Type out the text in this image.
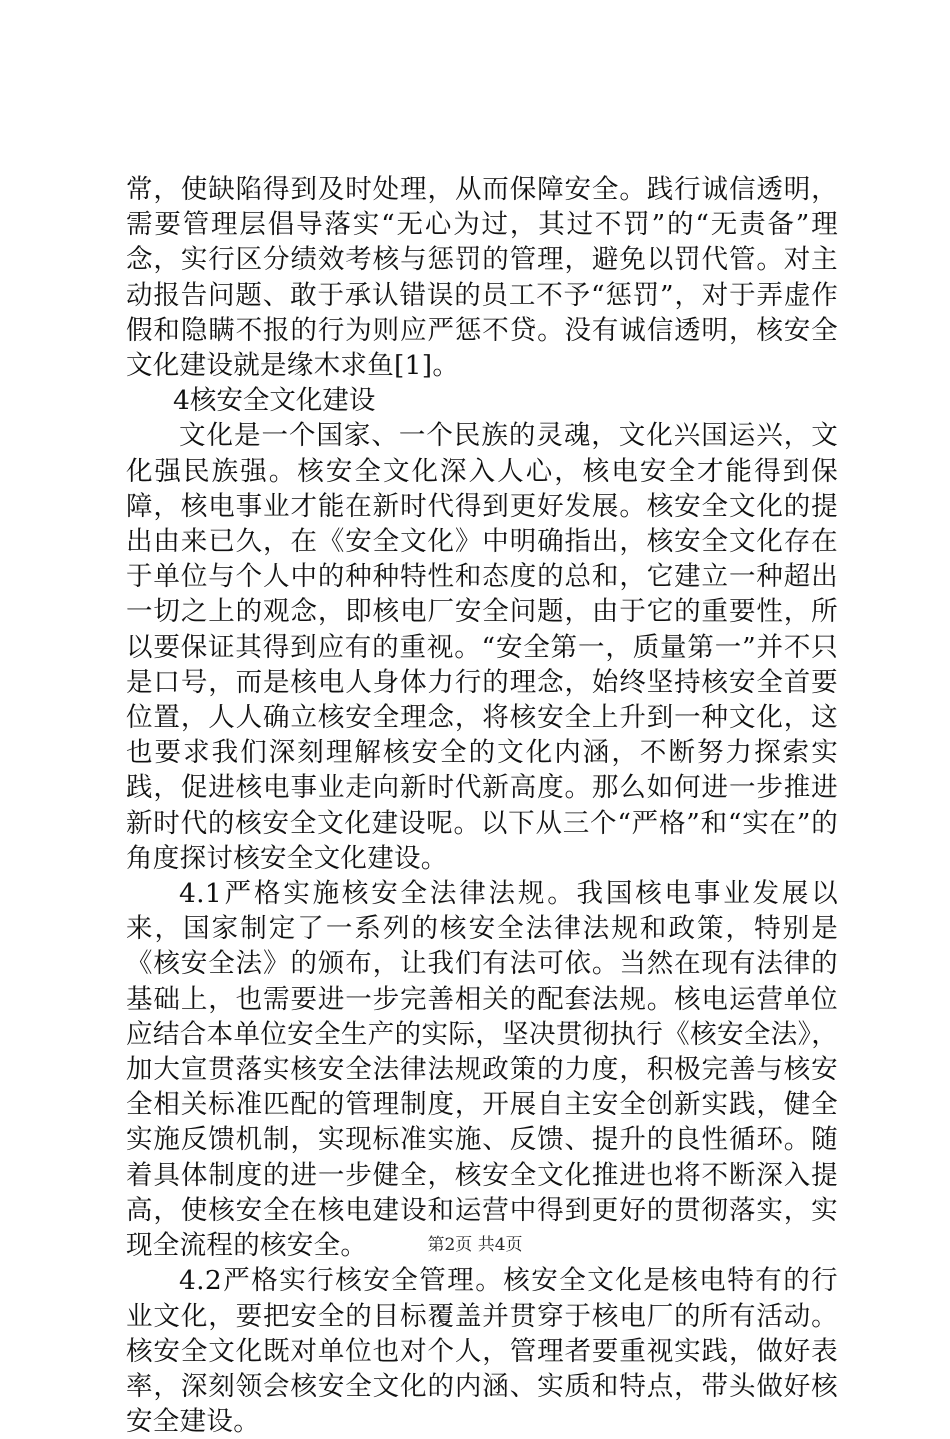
常，使缺陷得到及时处理，从而保障安全。践行诚信透明，需要管理层倡导落实“无心为过，其过不罚”的“无责备”理念，实行区分绩效考核与惩罚的管理，避免以罚代管。对主动报告问题、敢于承认错误的员工不予“惩罚”，对于弄虚作假和隐瞒不报的行为则应严惩不贷。没有诚信透明，核安全文化建设就是缘木求鱼[1]。

4核安全文化建设

文化是一个国家、一个民族的灵魂，文化兴国运兴，文化强民族强。核安全文化深入人心，核电安全才能得到保障，核电事业才能在新时代得到更好发展。核安全文化的提出由来已久，在《安全文化》中明确指出，核安全文化存在于单位与个人中的种种特性和态度的总和，它建立一种超出一切之上的观念，即核电厂安全问题，由于它的重要性，所以要保证其得到应有的重视。“安全第一，质量第一”并不只是口号，而是核电人身体力行的理念，始终坚持核安全首要位置，人人确立核安全理念，将核安全上升到一种文化，这也要求我们深刻理解核安全的文化内涵，不断努力探索实践，促进核电事业走向新时代新高度。那么如何进一步推进新时代的核安全文化建设呢。以下从三个“严格”和“实在”的角度探讨核安全文化建设。

4.1严格实施核安全法律法规。我国核电事业发展以来，国家制定了一系列的核安全法律法规和政策，特别是《核安全法》的颁布，让我们有法可依。当然在现有法律的基础上，也需要进一步完善相关的配套法规。核电运营单位应结合本单位安全生产的实际，坚决贯彻执行《核安全法》，加大宣贯落实核安全法律法规政策的力度，积极完善与核安全相关标准匹配的管理制度，开展自主安全创新实践，健全实施反馈机制，实现标准实施、反馈、提升的良性循环。随着具体制度的进一步健全，核安全文化推进也将不断深入提高，使核安全在核电建设和运营中得到更好的贯彻落实，实现全流程的核安全。

4.2严格实行核安全管理。核安全文化是核电特有的行业文化，要把安全的目标覆盖并贯穿于核电厂的所有活动。核安全文化既对单位也对个人，管理者要重视实践，做好表率，深刻领会核安全文化的内涵、实质和特点，带头做好核安全建设。

第2页 共4页
